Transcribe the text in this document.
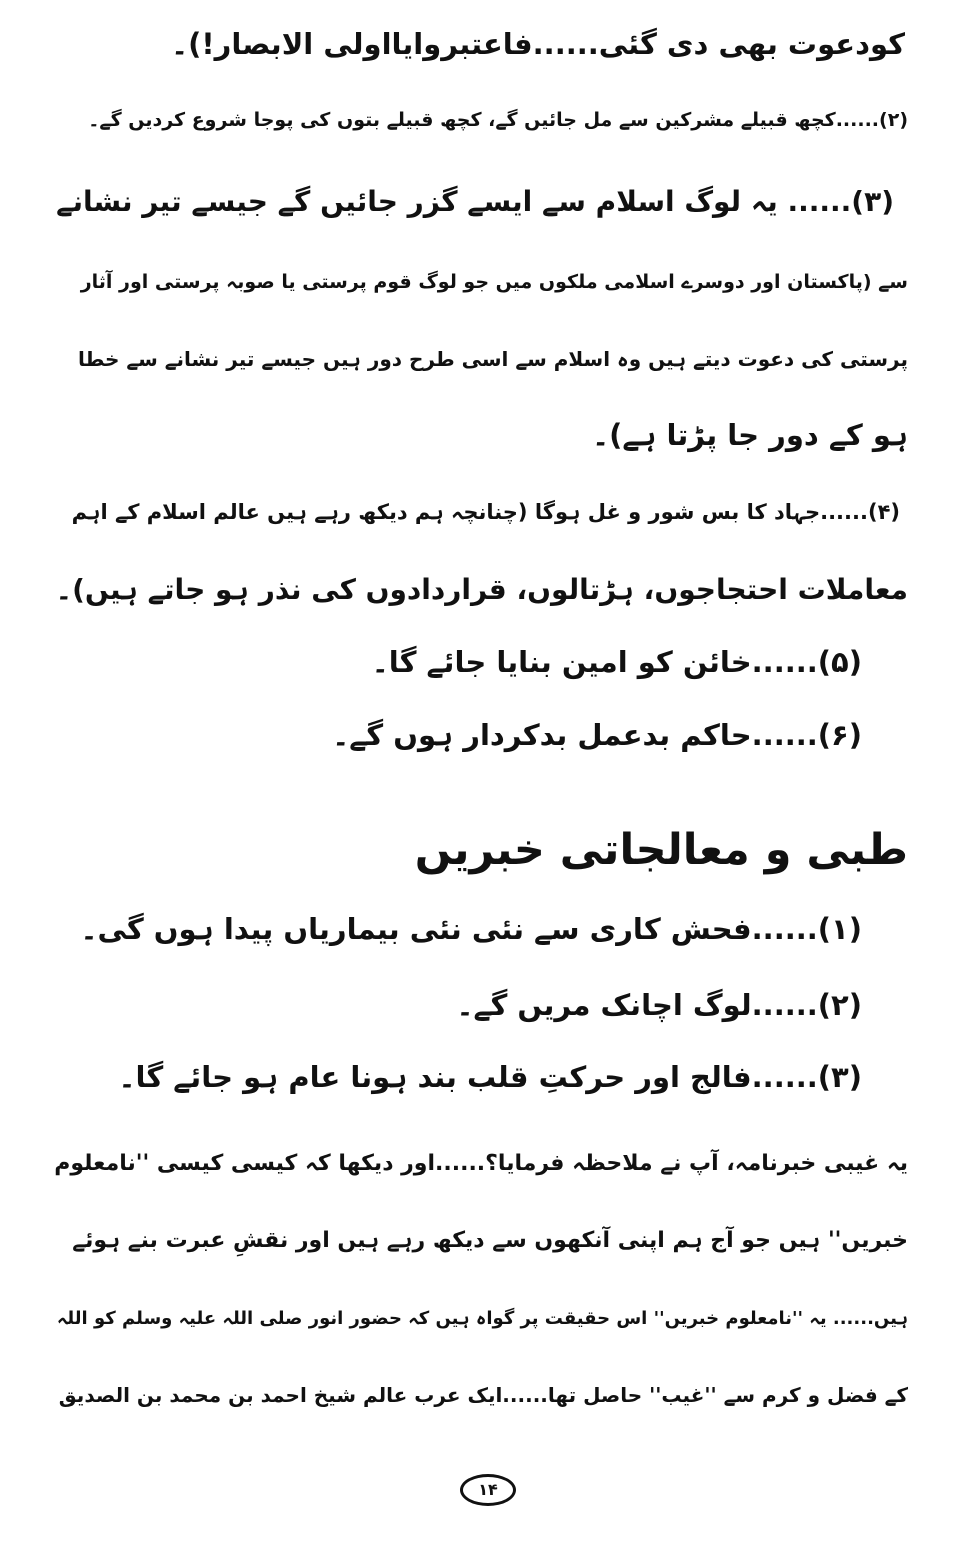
کودعوت بھی دی گئی......فاعتبروایااولی الابصار!)۔
(۲)......کچھ قبیلے مشرکین سے مل جائیں گے، کچھ قبیلے بتوں کی پوجا شروع کردیں گے۔
(۳)...... یہ لوگ اسلام سے ایسے گزر جائیں گے جیسے تیر نشانے
سے (پاکستان اور دوسرے اسلامی ملکوں میں جو لوگ قوم پرستی یا صوبہ پرستی اور آثار
پرستی کی دعوت دیتے ہیں وہ اسلام سے اسی طرح دور ہیں جیسے تیر نشانے سے خطا
ہو کے دور جا پڑتا ہے)۔
(۴)......جہاد کا بس شور و غل ہوگا (چنانچہ ہم دیکھ رہے ہیں عالم اسلام کے اہم
معاملات احتجاجوں، ہڑتالوں، قراردادوں کی نذر ہو جاتے ہیں)۔
(۵)......خائن کو امین بنایا جائے گا۔
(۶)......حاکم بدعمل بدکردار ہوں گے۔
طبی و معالجاتی خبریں
(۱)......فحش کاری سے نئی نئی بیماریاں پیدا ہوں گی۔
(۲)......لوگ اچانک مریں گے۔
(۳)......فالج اور حرکتِ قلب بند ہونا عام ہو جائے گا۔
یہ غیبی خبرنامہ، آپ نے ملاحظہ فرمایا؟......اور دیکھا کہ کیسی کیسی ''نامعلوم
خبریں'' ہیں جو آج ہم اپنی آنکھوں سے دیکھ رہے ہیں اور نقشِ عبرت بنے ہوئے
ہیں...... یہ ''نامعلوم خبریں'' اس حقیقت پر گواہ ہیں کہ حضور انور صلی اللہ علیہ وسلم کو اللہ
کے فضل و کرم سے ''غیب'' حاصل تھا......ایک عرب عالم شیخ احمد بن محمد بن الصدیق
۱۴
